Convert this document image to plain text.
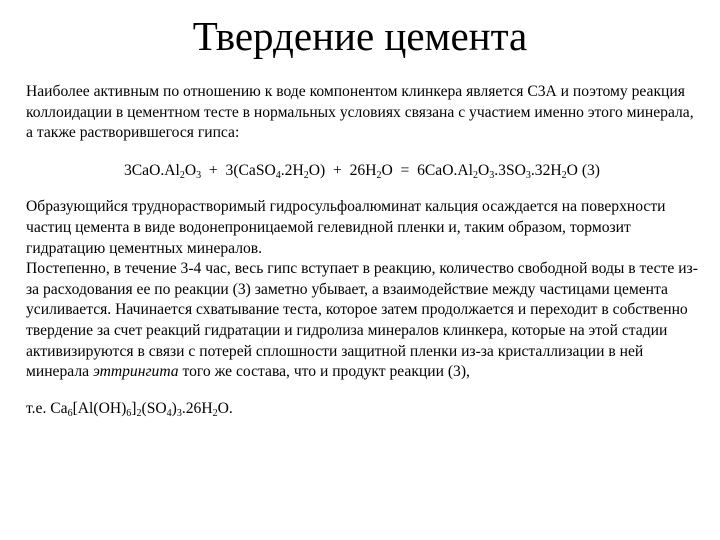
Твердение цемента

Наиболее активным по отношению к воде компонентом клинкера является С3А и поэтому реакция коллоидации в цементном тесте в нормальных условиях связана с участием именно этого минерала, а также растворившегося гипса:

$3CaO.Al_2O_3$ + $3(CaSO_4.2H_2O) + 26H_2O = 6CaO.Al_2O_3.3SO_3.32H_2O$ (3)

Образующийся труднорастворимый гидросульфоалюминат кальция осаждается на поверхности частиц цемента в виде водонепроницаемой гелевидной пленки и, таким образом, тормозит гидратацию цементных минералов.

Постепенно, в течение 3-4 час, весь гипс вступает в реакцию, количество свободной воды в тесте из-за расходования ее по реакции (3) заметно убывает, а взаимодействие между частицами цемента усиливается. Начинается схватывание теста, которое затем продолжается и переходит в собственно твердение за счет реакций гидратации и гидролиза минералов клинкера, которые на этой стадии активизируются в связи с потерей сплошности защитной пленки из-за кристаллизации в ней минерала эттрингита того же состава, что и продукт реакции (3),

т.е. $Ca_6[Al(OH)_6]_2(SO_4)_3.26H_2O$.
